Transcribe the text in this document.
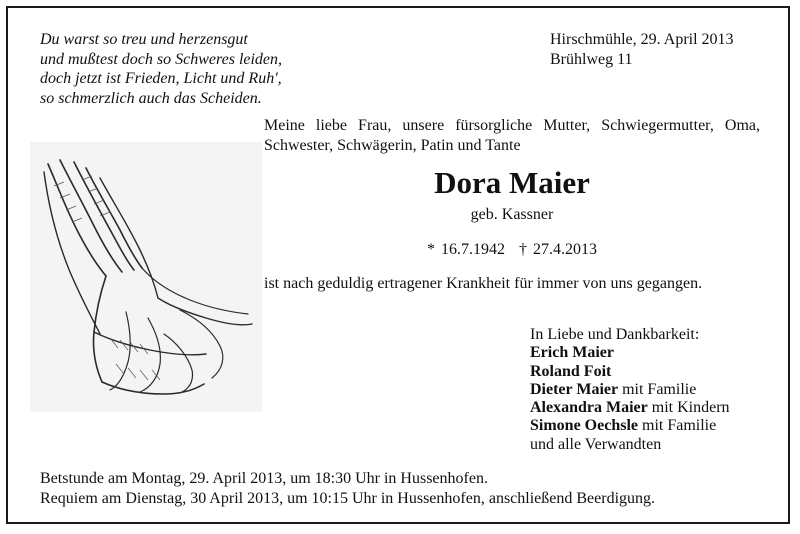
Du warst so treu und herzensgut
und mußtest doch so Schweres leiden,
doch jetzt ist Frieden, Licht und Ruh',
so schmerzlich auch das Scheiden.
Hirschmühle, 29. April 2013
Brühlweg 11
Meine liebe Frau, unsere fürsorgliche Mutter, Schwiegermutter, Oma, Schwester, Schwägerin, Patin und Tante
Dora Maier
geb. Kassner
* 16.7.1942 † 27.4.2013
ist nach geduldig ertragener Krankheit für immer von uns gegangen.
In Liebe und Dankbarkeit:
Erich Maier
Roland Foit
Dieter Maier mit Familie
Alexandra Maier mit Kindern
Simone Oechsle mit Familie
und alle Verwandten
Betstunde am Montag, 29. April 2013, um 18:30 Uhr in Hussenhofen.
Requiem am Dienstag, 30 April 2013, um 10:15 Uhr in Hussenhofen, anschließend Beerdigung.
